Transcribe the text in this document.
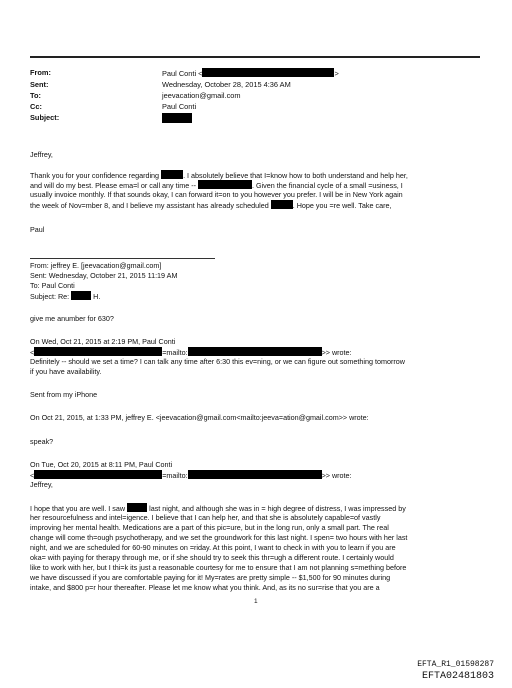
From:	Paul Conti <	>
Sent:	Wednesday, October 28, 2015 4:36 AM
To:	jeevacation@gmail.com
Cc:	Paul Conti
Subject:
Jeffrey,
Thank you for your confidence regarding	. I absolutely believe that I=know how to both understand and help her,
and will do my best. Please ema=l or call any time --	. Given the financial cycle of a small =usiness, I
usually invoice monthly. If that sounds okay, I can forward it=on to you however you prefer. I will be in New York again
the week of Nov=mber 8, and I believe my assistant has already scheduled	. Hope you =re well. Take care,
Paul
From: jeffrey E. [jeevacation@gmail.com]
Sent: Wednesday, October 21, 2015 11:19 AM
To: Paul Conti
Subject: Re:	H.
give me anumber for 630?
On Wed, Oct 21, 2015 at 2:19 PM, Paul Conti
<	=mailto:	>> wrote:
Definitely -- should we set a time? I can talk any time after 6:30 this ev=ning, or we can figure out something tomorrow
if you have availability.
Sent from my iPhone
On Oct 21, 2015, at 1:33 PM, jeffrey E. <jeevacation@gmail.com<mailto:jeeva=ation@gmail.com>> wrote:
speak?
On Tue, Oct 20, 2015 at 8:11 PM, Paul Conti
<	=mailto:	>> wrote:
Jeffrey,
I hope that you are well. I saw	last night, and although she was in = high degree of distress, I was impressed by
her resourcefulness and intel=igence. I believe that I can help her, and that she is absolutely capable=of vastly
improving her mental health. Medications are a part of this pic=ure, but in the long run, only a small part. The real
change will come th=ough psychotherapy, and we set the groundwork for this last night. I spen= two hours with her last
night, and we are scheduled for 60-90 minutes on =riday. At this point, I want to check in with you to learn if you are
oka= with paying for therapy through me, or if she should try to seek this thr=ugh a different route. I certainly would
like to work with her, but I thi=k its just a reasonable courtesy for me to ensure that I am not planning s=mething before
we have discussed if you are comfortable paying for it! My=rates are pretty simple -- $1,500 for 90 minutes during
intake, and $800 p=r hour thereafter. Please let me know what you think. And, as its no sur=rise that you are a
1
EFTA_R1_01598287
EFTA02481803
